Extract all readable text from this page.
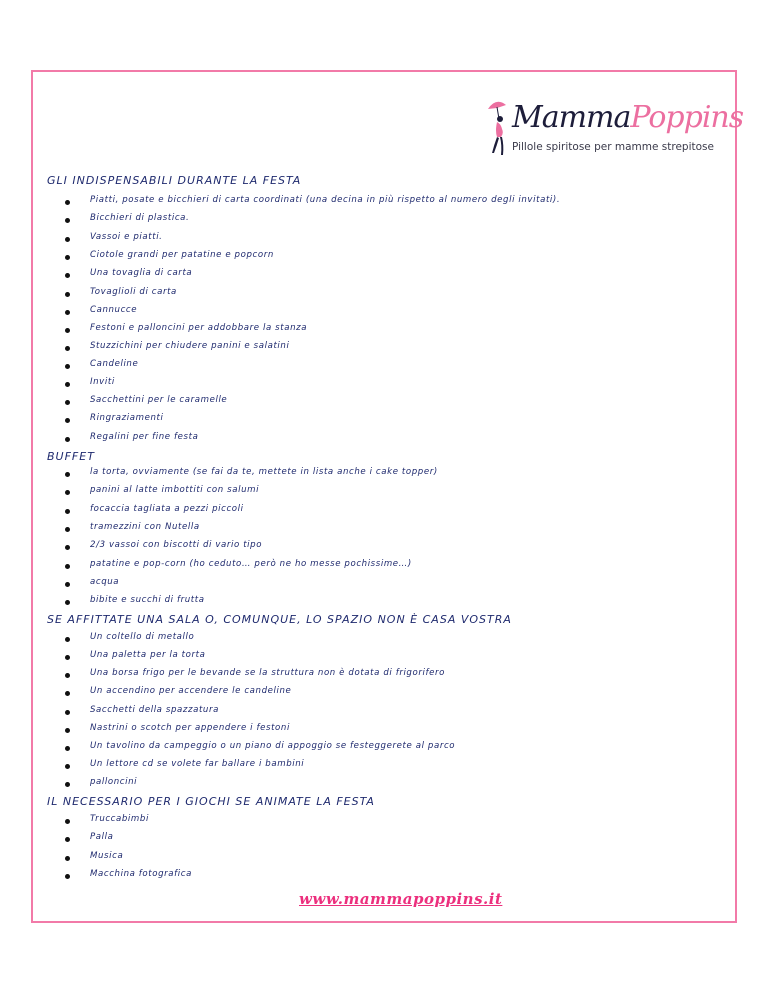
MammaPoppins
Pillole spiritose per mamme strepitose
GLI INDISPENSABILI DURANTE LA FESTA
Piatti, posate e bicchieri di carta coordinati (una decina in più rispetto al numero degli invitati).
Bicchieri di plastica.
Vassoi e piatti.
Ciotole grandi per patatine e popcorn
Una tovaglia di carta
Tovaglioli di carta
Cannucce
Festoni e palloncini per addobbare la stanza
Stuzzichini per chiudere panini e salatini
Candeline
Inviti
Sacchettini per le caramelle
Ringraziamenti
Regalini per fine festa
BUFFET
la torta, ovviamente (se fai da te, mettete in lista anche i cake topper)
panini al latte imbottiti con salumi
focaccia tagliata a pezzi piccoli
tramezzini con Nutella
2/3 vassoi con biscotti di vario tipo
patatine e pop-corn (ho ceduto… però ne ho messe pochissime…)
acqua
bibite e succhi di frutta
SE AFFITTATE UNA SALA O, COMUNQUE, LO SPAZIO NON È CASA VOSTRA
Un coltello di metallo
Una paletta per la torta
Una borsa frigo per le bevande se la struttura non è dotata di frigorifero
Un accendino per accendere le candeline
Sacchetti della spazzatura
Nastrini o scotch per appendere i festoni
Un tavolino da campeggio o un piano di appoggio se festeggerete al parco
Un lettore cd se volete far ballare i bambini
palloncini
IL NECESSARIO PER I GIOCHI SE ANIMATE LA FESTA
Truccabimbi
Palla
Musica
Macchina fotografica
www.mammapoppins.it
